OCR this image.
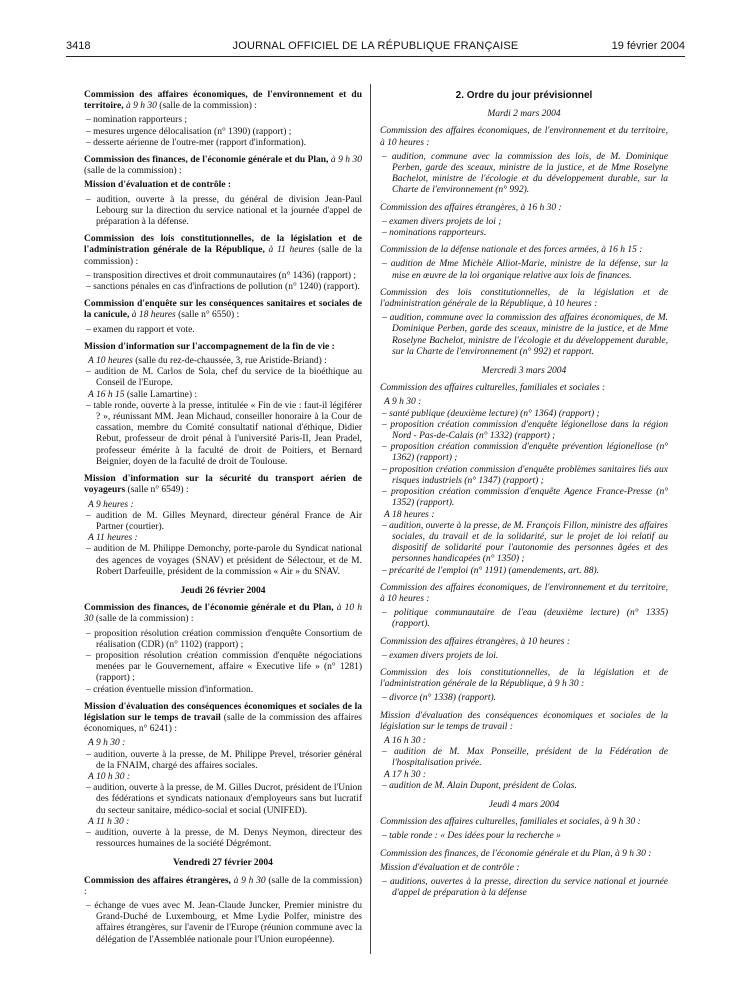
3418	JOURNAL OFFICIEL DE LA RÉPUBLIQUE FRANÇAISE	19 février 2004

Commission des affaires économiques, de l'environnement et du territoire, à 9 h 30 (salle de la commission) :

– nomination rapporteurs ;

– mesures urgence délocalisation (n° 1390) (rapport) ;

– desserte aérienne de l'outre-mer (rapport d'information).

Commission des finances, de l'économie générale et du Plan, à 9 h 30 (salle de la commission) :

Mission d'évaluation et de contrôle :

– audition, ouverte à la presse, du général de division Jean-Paul Lebourg sur la direction du service national et la journée d'appel de préparation à la défense.

Commission des lois constitutionnelles, de la législation et de l'administration générale de la République, à 11 heures (salle de la commission) :

– transposition directives et droit communautaires (n° 1436) (rapport) ;

– sanctions pénales en cas d'infractions de pollution (n° 1240) (rapport).

Commission d'enquête sur les conséquences sanitaires et sociales de la canicule, à 18 heures (salle n° 6550) :

– examen du rapport et vote.

Mission d'information sur l'accompagnement de la fin de vie :

A 10 heures (salle du rez-de-chaussée, 3, rue Aristide-Briand) :

– audition de M. Carlos de Sola, chef du service de la bioéthique au Conseil de l'Europe.

A 16 h 15 (salle Lamartine) :

– table ronde, ouverte à la presse, intitulée « Fin de vie : faut-il légiférer ? », réunissant MM. Jean Michaud, conseiller honoraire à la Cour de cassation, membre du Comité consultatif national d'éthique, Didier Rebut, professeur de droit pénal à l'université Paris-II, Jean Pradel, professeur émérite à la faculté de droit de Poitiers, et Bernard Beignier, doyen de la faculté de droit de Toulouse.

Mission d'information sur la sécurité du transport aérien de voyageurs (salle n° 6549) :

A 9 heures :

– audition de M. Gilles Meynard, directeur général France de Air Partner (courtier).

A 11 heures :

– audition de M. Philippe Demonchy, porte-parole du Syndicat national des agences de voyages (SNAV) et président de Sélectour, et de M. Robert Darfeuille, président de la commission « Air » du SNAV.

Jeudi 26 février 2004

Commission des finances, de l'économie générale et du Plan, à 10 h 30 (salle de la commission) :

– proposition résolution création commission d'enquête Consortium de réalisation (CDR) (n° 1102) (rapport) ;

– proposition résolution création commission d'enquête négociations menées par le Gouvernement, affaire « Executive life » (n° 1281) (rapport) ;

– création éventuelle mission d'information.

Mission d'évaluation des conséquences économiques et sociales de la législation sur le temps de travail (salle de la commission des affaires économiques, n° 6241) :

A 9 h 30 :

– audition, ouverte à la presse, de M. Philippe Prevel, trésorier général de la FNAIM, chargé des affaires sociales.

A 10 h 30 :

– audition, ouverte à la presse, de M. Gilles Ducrot, président de l'Union des fédérations et syndicats nationaux d'employeurs sans but lucratif du secteur sanitaire, médico-social et social (UNIFED).

A 11 h 30 :

– audition, ouverte à la presse, de M. Denys Neymon, directeur des ressources humaines de la société Dégrémont.

Vendredi 27 février 2004

Commission des affaires étrangères, à 9 h 30 (salle de la commission) :

– échange de vues avec M. Jean-Claude Juncker, Premier ministre du Grand-Duché de Luxembourg, et Mme Lydie Polfer, ministre des affaires étrangères, sur l'avenir de l'Europe (réunion commune avec la délégation de l'Assemblée nationale pour l'Union européenne).

2. Ordre du jour prévisionnel

Mardi 2 mars 2004

Commission des affaires économiques, de l'environnement et du territoire, à 10 heures :

– audition, commune avec la commission des lois, de M. Dominique Perben, garde des sceaux, ministre de la justice, et de Mme Roselyne Bachelot, ministre de l'écologie et du développement durable, sur la Charte de l'environnement (n° 992).

Commission des affaires étrangères, à 16 h 30 :

– examen divers projets de loi ;

– nominations rapporteurs.

Commission de la défense nationale et des forces armées, à 16 h 15 :

– audition de Mme Michèle Alliot-Marie, ministre de la défense, sur la mise en œuvre de la loi organique relative aux lois de finances.

Commission des lois constitutionnelles, de la législation et de l'administration générale de la République, à 10 heures :

– audition, commune avec la commission des affaires économiques, de M. Dominique Perben, garde des sceaux, ministre de la justice, et de Mme Roselyne Bachelot, ministre de l'écologie et du développement durable, sur la Charte de l'environnement (n° 992) et rapport.

Mercredi 3 mars 2004

Commission des affaires culturelles, familiales et sociales :

A 9 h 30 :

– santé publique (deuxième lecture) (n° 1364) (rapport) ;

– proposition création commission d'enquête légionellose dans la région Nord - Pas-de-Calais (n° 1332) (rapport) ;

– proposition création commission d'enquête prévention légionellose (n° 1362) (rapport) ;

– proposition création commission d'enquête problèmes sanitaires liés aux risques industriels (n° 1347) (rapport) ;

– proposition création commission d'enquête Agence France-Presse (n° 1352) (rapport).

A 18 heures :

– audition, ouverte à la presse, de M. François Fillon, ministre des affaires sociales, du travail et de la solidarité, sur le projet de loi relatif au dispositif de solidarité pour l'autonomie des personnes âgées et des personnes handicapées (n° 1350) ;

– précarité de l'emploi (n° 1191) (amendements, art. 88).

Commission des affaires économiques, de l'environnement et du territoire, à 10 heures :

– politique communautaire de l'eau (deuxième lecture) (n° 1335) (rapport).

Commission des affaires étrangères, à 10 heures :

– examen divers projets de loi.

Commission des lois constitutionnelles, de la législation et de l'administration générale de la République, à 9 h 30 :

– divorce (n° 1338) (rapport).

Mission d'évaluation des conséquences économiques et sociales de la législation sur le temps de travail :

A 16 h 30 :

– audition de M. Max Ponseille, président de la Fédération de l'hospitalisation privée.

A 17 h 30 :

– audition de M. Alain Dupont, président de Colas.

Jeudi 4 mars 2004

Commission des affaires culturelles, familiales et sociales, à 9 h 30 :

– table ronde : « Des idées pour la recherche »

Commission des finances, de l'économie générale et du Plan, à 9 h 30 :

Mission d'évaluation et de contrôle :

– auditions, ouvertes à la presse, direction du service national et journée d'appel de préparation à la défense
